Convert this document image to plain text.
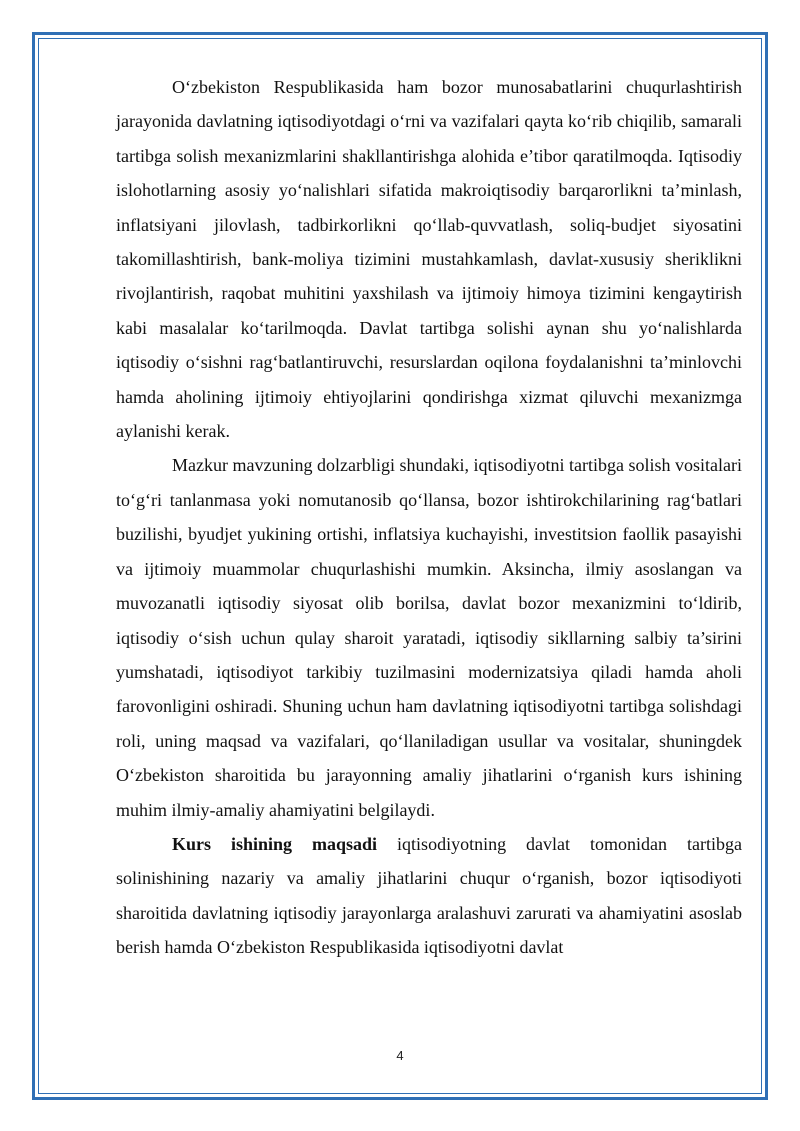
O‘zbekiston Respublikasida ham bozor munosabatlarini chuqurlashtirish jarayonida davlatning iqtisodiyotdagi o‘rni va vazifalari qayta ko‘rib chiqilib, samarali tartibga solish mexanizmlarini shakllantirishga alohida e’tibor qaratilmoqda. Iqtisodiy islohotlarning asosiy yo‘nalishlari sifatida makroiqtisodiy barqarorlikni ta’minlash, inflatsiyani jilovlash, tadbirkorlikni qo‘llab-quvvatlash, soliq-budjet siyosatini takomillashtirish, bank-moliya tizimini mustahkamlash, davlat-xususiy sheriklikni rivojlantirish, raqobat muhitini yaxshilash va ijtimoiy himoya tizimini kengaytirish kabi masalalar ko‘tarilmoqda. Davlat tartibga solishi aynan shu yo‘nalishlarda iqtisodiy o‘sishni rag‘batlantiruvchi, resurslardan oqilona foydalanishni ta’minlovchi hamda aholining ijtimoiy ehtiyojlarini qondirishga xizmat qiluvchi mexanizmga aylanishi kerak.

Mazkur mavzuning dolzarbligi shundaki, iqtisodiyotni tartibga solish vositalari to‘g‘ri tanlanmasa yoki nomutanosib qo‘llansa, bozor ishtirokchilarining rag‘batlari buzilishi, byudjet yukining ortishi, inflatsiya kuchayishi, investitsion faollik pasayishi va ijtimoiy muammolar chuqurlashishi mumkin. Aksincha, ilmiy asoslangan va muvozanatli iqtisodiy siyosat olib borilsa, davlat bozor mexanizmini to‘ldirib, iqtisodiy o‘sish uchun qulay sharoit yaratadi, iqtisodiy sikllarning salbiy ta’sirini yumshatadi, iqtisodiyot tarkibiy tuzilmasini modernizatsiya qiladi hamda aholi farovonligini oshiradi. Shuning uchun ham davlatning iqtisodiyotni tartibga solishdagi roli, uning maqsad va vazifalari, qo‘llaniladigan usullar va vositalar, shuningdek O‘zbekiston sharoitida bu jarayonning amaliy jihatlarini o‘rganish kurs ishining muhim ilmiy-amaliy ahamiyatini belgilaydi.

Kurs ishining maqsadi iqtisodiyotning davlat tomonidan tartibga solinishining nazariy va amaliy jihatlarini chuqur o‘rganish, bozor iqtisodiyoti sharoitida davlatning iqtisodiy jarayonlarga aralashuvi zarurati va ahamiyatini asoslab berish hamda O‘zbekiston Respublikasida iqtisodiyotni davlat

4
